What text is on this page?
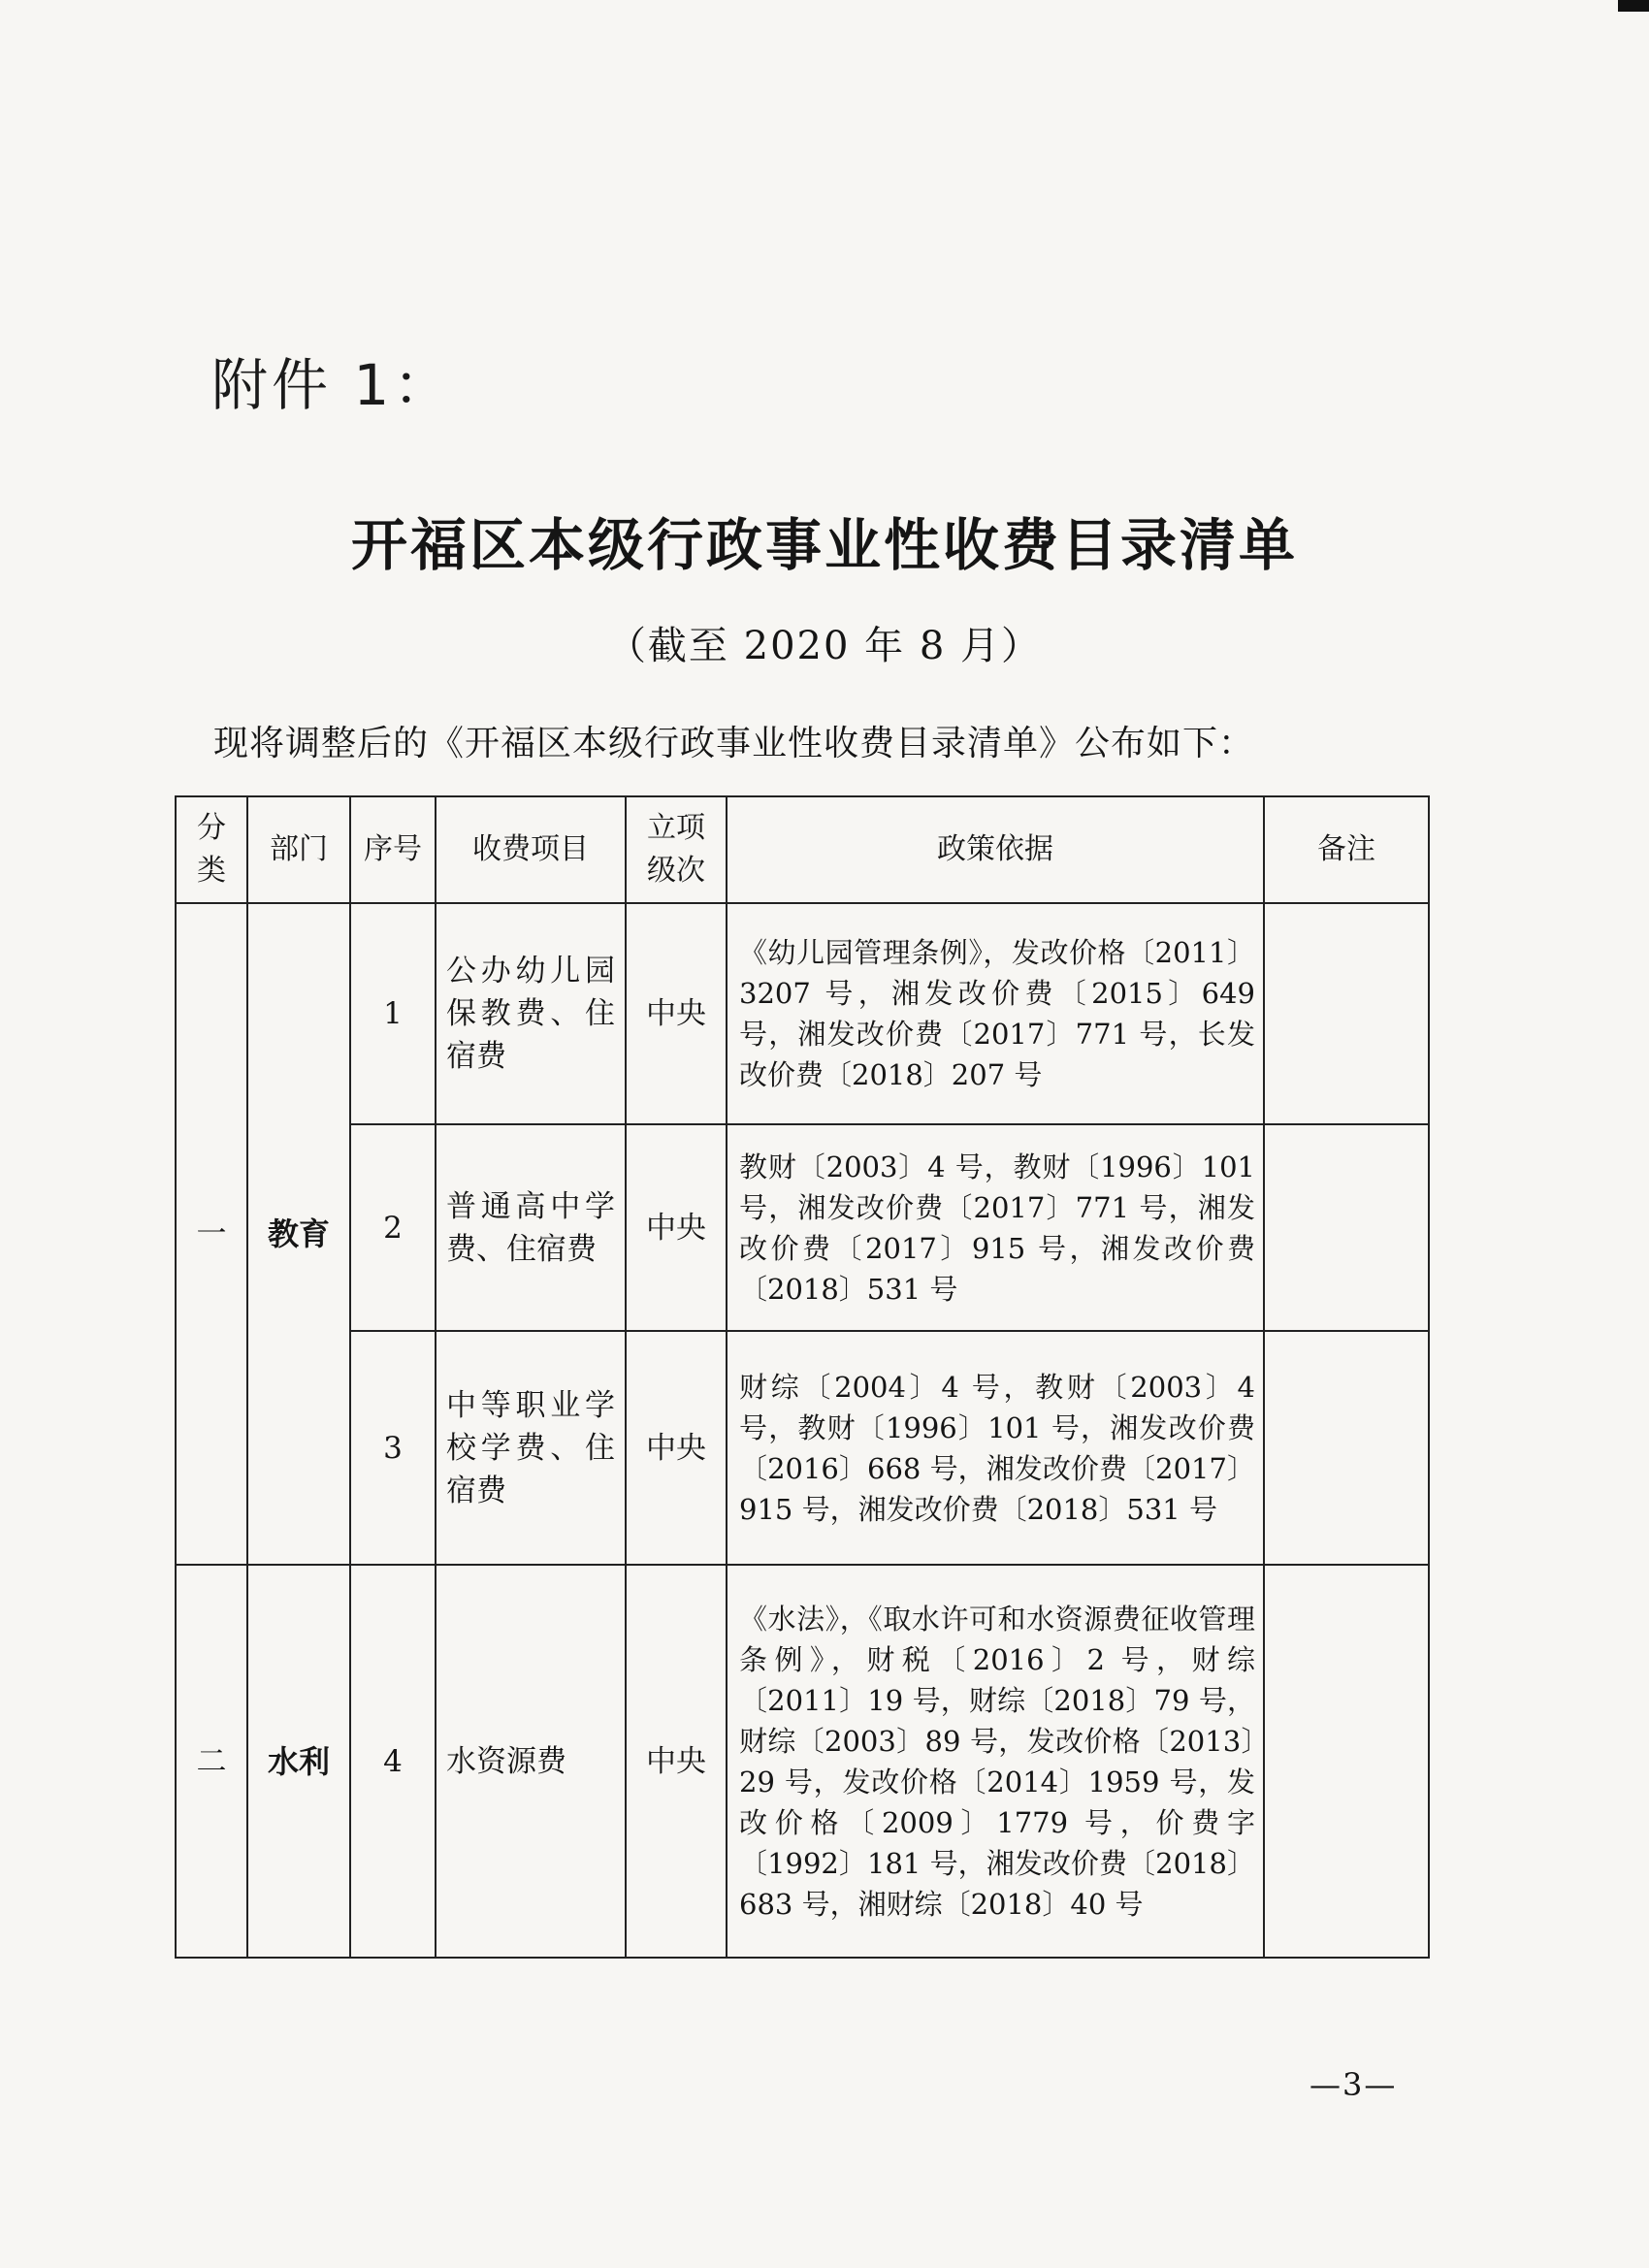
附件 1：
开福区本级行政事业性收费目录清单
（截至 2020 年 8 月）
现将调整后的《开福区本级行政事业性收费目录清单》公布如下：
分类	部门	序号	收费项目	立项级次	政策依据	备注
一	教育	1	公办幼儿园保教费、住宿费	中央	《幼儿园管理条例》，发改价格〔2011〕3207 号，湘发改价费〔2015〕649 号，湘发改价费〔2017〕771 号，长发改价费〔2018〕207 号	
		2	普通高中学费、住宿费	中央	教财〔2003〕4 号，教财〔1996〕101 号，湘发改价费〔2017〕771 号，湘发改价费〔2017〕915 号，湘发改价费〔2018〕531 号	
		3	中等职业学校学费、住宿费	中央	财综〔2004〕4 号，教财〔2003〕4 号，教财〔1996〕101 号，湘发改价费〔2016〕668 号，湘发改价费〔2017〕915 号，湘发改价费〔2018〕531 号	
二	水利	4	水资源费	中央	《水法》，《取水许可和水资源费征收管理条例》，财税〔2016〕2 号，财综〔2011〕19 号，财综〔2018〕79 号，财综〔2003〕89 号，发改价格〔2013〕29 号，发改价格〔2014〕1959 号，发改价格〔2009〕1779 号，价费字〔1992〕181 号，湘发改价费〔2018〕683 号，湘财综〔2018〕40 号	
—3—
